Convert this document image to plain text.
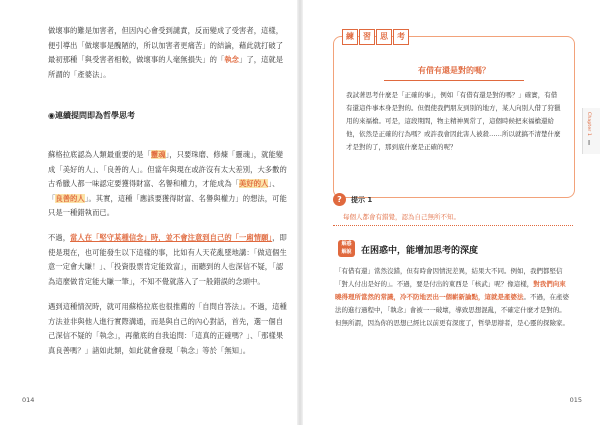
做壞事的難是加害者，但因內心會受到譴責，反而變成了受害者，這樣，便引導出「做壞事是醜陋的，所以加害者更痛苦」的結論，藉此就打破了最初那種「與受害者相較，做壞事的人毫無損失」的「執念」了，這就是所謂的「產婆法」。

◉連續提問即為哲學思考

蘇格拉底認為人類最重要的是「靈魂」，只要珠磨、修煉「靈魂」，就能變成「美好的人」、「良善的人」。但當年與現在或許沒有太大差別，大多數的古希臘人都一味認定要獲得財富、名譽和權力，才能成為「美好的人」、「良善的人」。其實，這種「應該要獲得財富、名譽與權力」的想法，可能只是一種錯執而已。

不過，當人在「堅守某種信念」時，並不會注意到自己的「一廂情願」，即使是現在，也可能發生以下這樣的事，比如有人天花亂墜地講：「做這個生意一定會大賺！」、「投資股票肯定能致富」，而聽到的人也深信不疑，「認為這麼做肯定能大賺一筆」，不知不覺就落入了一般錯誤的念頭中。

遇到這種情況時，就可用蘇格拉底也很推薦的「自問自答法」。不過，這種方法並非與他人進行實際溝通，而是與自己的內心對話，首先，選一個自己深信不疑的「執念」，再徹底的自我追問：「這真的正確嗎？」、「那樣果真良善嗎？」諸如此類，如此就會發現「執念」等於「無知」。

014
練	習	思	考

有借有還是對的嗎？

我試著思考什麼是「正確的事」，例如「有借有還是對的嗎？」確實，有借有還這件事本身是對的。但假使我們朋友到別的地方，某人向別人借了狩獵用的來福槍。可是，這段期間，物主精神異常了，這個時候把來福槍還給他，依然是正確的行為嗎？或許我會因此害人被殺……所以就搞不清楚什麼才是對的了，那到底什麼是正確的呢？

?	提示 1

每個人都會有錯覺，認為自己無所不知。

解惑
解說	在困惑中，能增加思考的深度

「有借有還」當然沒錯，但有時會因情況差異，結果大不同。例如，我們都堅信「對人付出是好的」。不過，要是付出的東西是「核武」呢？像這樣，對我們向來曉得理所當然的常識，冷不防地丟出一個嶄新論點，這就是產婆法。不過，在產婆法的進行過程中，「執念」會被一一破壞，導致思想混亂，不確定什麼才是對的。但無所謂，因為你的思想已經比以前更有深度了，哲學思辯者，是心靈的探險家。

Chapter 1

Ⅰ

015
